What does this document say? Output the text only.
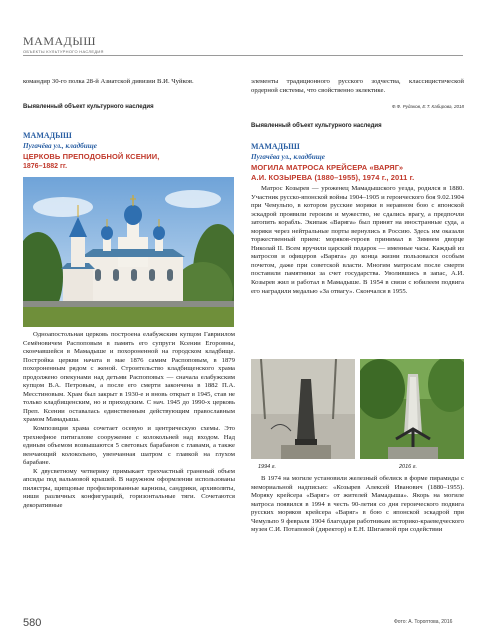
МАМАДЫШ
ОБЪЕКТЫ КУЛЬТУРНОГО НАСЛЕДИЯ

командир 30-го полка 28-й Азиатской дивизии В.И. Чуйков.

Выявленный объект культурного наследия
МАМАДЫШ
Пугачёва ул., кладбище
ЦЕРКОВЬ ПРЕПОДОБНОЙ КСЕНИИ,
1876–1882 гг.

Одноапостольная церковь построена елабужским купцом Гавриилом Семёновичем Распоповым в память его супруги Ксении Егоровны, скончавшейся в Мамадыше и похороненной на городском кладбище. Постройка церкви начата в мае 1876 самим Распоповым, в 1879 похороненным рядом с женой. Строительство кладбищенского храма продолжено опекунами над детьми Распоповых — сначала елабужским купцом В.А. Петровым, а после его смерти закончена в 1882 П.А. Месстиновым. Храм был закрыт в 1930-е и вновь открыт в 1945, став не только кладбищенским, но и приходским. С нач. 1945 до 1990-х церковь Преп. Ксении оставалась единственным действующим православным храмом Мамадыша.

Композиция храма сочетает осевую и центрическую схемы. Это трехнефное питигалове сооружение с колокольней над входом. Над единым объемом возвышаются 5 световых барабанов с главами, а также венчающий колокольню, увенчанная шатром с главкой на глухом барабане.

К двусветному четверику примыкает трехчастный граненый объем апсиды под вальмовой крышей. В наружном оформлении использованы пилястры, щипцовые профилированные карнизы, сандрики, архиволвты, ниши различных конфигураций, горизонтальные тяги. Сочетаются декоративные

элементы традиционного русского зодчества, классицистической ордерной системы, что свойственно эклектике.

Ф.Ф. Рудаков, Е.Т. Кабирова, 2018
Выявленный объект культурного наследия
МАМАДЫШ
Пугачёва ул., кладбище
МОГИЛА МАТРОСА КРЕЙСЕРА «ВАРЯГ»
А.И. КОЗЫРЕВА (1880–1955), 1974 г., 2011 г.

Матрос Козырев — уроженец Мамадышского уезда, родился в 1880. Участник русско-японской войны 1904–1905 и героического боя 9.02.1904 при Чемульпо, в котором русские моряки в неравном бою с японской эскадрой проявили героизм и мужество, не сдались врагу, а предпочли затопить корабль. Экипаж «Варяга» был принят на иностранные суда, а моряки через нейтральные порты вернулись в Россию. Здесь им оказали торжественный прием: моряков-героев принимал в Зимнем дворце Николай II. Всем вручили царский подарок — именные часы. Каждый из матросов и офицеров «Варяга» до конца жизни пользовался особым почетом, даже при советской власти. Многим матросам после смерти поставили памятники за счет государства. Уволившись в запас, А.И. Козырев жил и работал в Мамадыше. В 1954 в связи с юбилеем подвига его наградили медалью «За отвагу». Скончался в 1955.

1994 г.	2016 г.

В 1974 на могиле установили железный обелиск в форме пирамиды с мемориальной надписью: «Козырев Алексей Иванович (1880–1955). Моряку крейсера «Варяг» от жителей Мамадыша». Якорь на могиле матроса появился в 1994 в честь 90-летия со дня героического подвига русских моряков крейсера «Варяг» в бою с японской эскадрой при Чемульпо 9 февраля 1904 благодаря работникам историко-краеведческого музея С.И. Потаповой (директор) и Е.Н. Шигаевой при содействии

580	Фото: А. Тороптова, 2016
